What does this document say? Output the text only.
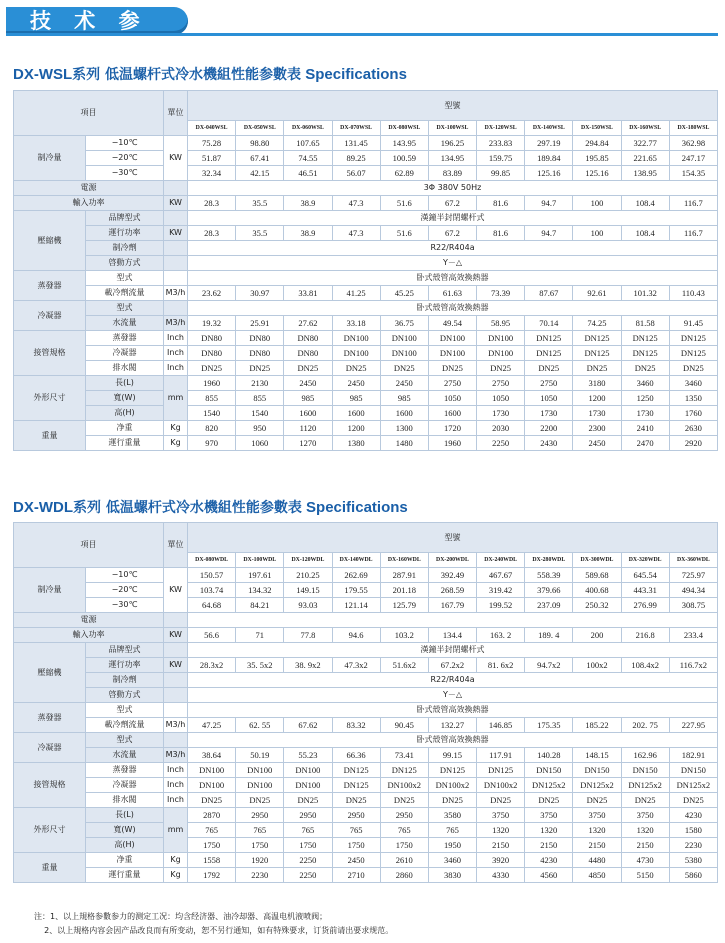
技 术 参 数
DX-WSL系列 低温螺杆式冷水機組性能参數表 Specifications
項目		單位	型號										
			DX-040WSL	DX-050WSL	DX-060WSL	DX-070WSL	DX-080WSL	DX-100WSL	DX-120WSL	DX-140WSL	DX-150WSL	DX-160WSL	DX-180WSL
制冷量	−10℃	KW	75.28	98.80	107.65	131.45	143.95	196.25	233.83	297.19	294.84	322.77	362.98
	−20℃		51.87	67.41	74.55	89.25	100.59	134.95	159.75	189.84	195.85	221.65	247.17
	−30℃		32.34	42.15	46.51	56.07	62.89	83.89	99.85	125.16	125.16	138.95	154.35
電源			3Φ 380V 50Hz										
輸入功率		KW	28.3	35.5	38.9	47.3	51.6	67.2	81.6	94.7	100	108.4	116.7
壓縮機	品牌型式		漢鐘半封閉螺杆式										
	運行功率	KW	28.3	35.5	38.9	47.3	51.6	67.2	81.6	94.7	100	108.4	116.7
	制冷劑		R22/R404a										
	啓動方式		Y－△										
蒸發器	型式		卧式殼管高效換熱器										
	載冷劑流量	M3/h	23.62	30.97	33.81	41.25	45.25	61.63	73.39	87.67	92.61	101.32	110.43
冷凝器	型式		卧式殼管高效換熱器										
	水流量	M3/h	19.32	25.91	27.62	33.18	36.75	49.54	58.95	70.14	74.25	81.58	91.45
接管規格	蒸發器	Inch	DN80	DN80	DN80	DN100	DN100	DN100	DN100	DN125	DN125	DN125	DN125
	冷凝器	Inch	DN80	DN80	DN80	DN100	DN100	DN100	DN100	DN125	DN125	DN125	DN125
	排水閥	Inch	DN25	DN25	DN25	DN25	DN25	DN25	DN25	DN25	DN25	DN25	DN25
外形尺寸	長(L)	mm	1960	2130	2450	2450	2450	2750	2750	2750	3180	3460	3460
	寬(W)		855	855	985	985	985	1050	1050	1050	1200	1250	1350
	高(H)		1540	1540	1600	1600	1600	1600	1730	1730	1730	1730	1760
重量	净重	Kg	820	950	1120	1200	1300	1720	2030	2200	2300	2410	2630
	運行重量	Kg	970	1060	1270	1380	1480	1960	2250	2430	2450	2470	2920
DX-WDL系列 低温螺杆式冷水機組性能参數表 Specifications
項目		單位	型號										
			DX-080WDL	DX-100WDL	DX-120WDL	DX-140WDL	DX-160WDL	DX-200WDL	DX-240WDL	DX-280WDL	DX-300WDL	DX-320WDL	DX-360WDL
制冷量	−10℃	KW	150.57	197.61	210.25	262.69	287.91	392.49	467.67	558.39	589.68	645.54	725.97
	−20℃		103.74	134.32	149.15	179.55	201.18	268.59	319.42	379.66	400.68	443.31	494.34
	−30℃		64.68	84.21	93.03	121.14	125.79	167.79	199.52	237.09	250.32	276.99	308.75
電源													
輸入功率		KW	56.6	71	77.8	94.6	103.2	134.4	163. 2	189. 4	200	216.8	233.4
壓縮機	品牌型式		漢鐘半封閉螺杆式										
	運行功率	KW	28.3x2	35. 5x2	38. 9x2	47.3x2	51.6x2	67.2x2	81. 6x2	94.7x2	100x2	108.4x2	116.7x2
	制冷劑		R22/R404a										
	啓動方式		Y－△										
蒸發器	型式		卧式殼管高效換熱器										
	載冷劑流量	M3/h	47.25	62. 55	67.62	83.32	90.45	132.27	146.85	175.35	185.22	202. 75	227.95
冷凝器	型式		卧式殼管高效換熱器										
	水流量	M3/h	38.64	50.19	55.23	66.36	73.41	99.15	117.91	140.28	148.15	162.96	182.91
接管規格	蒸發器	Inch	DN100	DN100	DN100	DN125	DN125	DN125	DN125	DN150	DN150	DN150	DN150
	冷凝器	Inch	DN100	DN100	DN100	DN125	DN100x2	DN100x2	DN100x2	DN125x2	DN125x2	DN125x2	DN125x2
	排水閥	Inch	DN25	DN25	DN25	DN25	DN25	DN25	DN25	DN25	DN25	DN25	DN25
外形尺寸	長(L)	mm	2870	2950	2950	2950	2950	3580	3750	3750	3750	3750	4230
	寬(W)		765	765	765	765	765	765	1320	1320	1320	1320	1580
	高(H)		1750	1750	1750	1750	1750	1950	2150	2150	2150	2150	2230
重量	净重	Kg	1558	1920	2250	2450	2610	3460	3920	4230	4480	4730	5380
	運行重量	Kg	1792	2230	2250	2710	2860	3830	4330	4560	4850	5150	5860
注：1、以上規格参數参力的测定工况：均含经济器、油冷却器、高温电机液喷阀；
2、以上規格内容会因产品改良而有所变动，恕不另行通知，如有特殊要求，订货前请出要求规范。
